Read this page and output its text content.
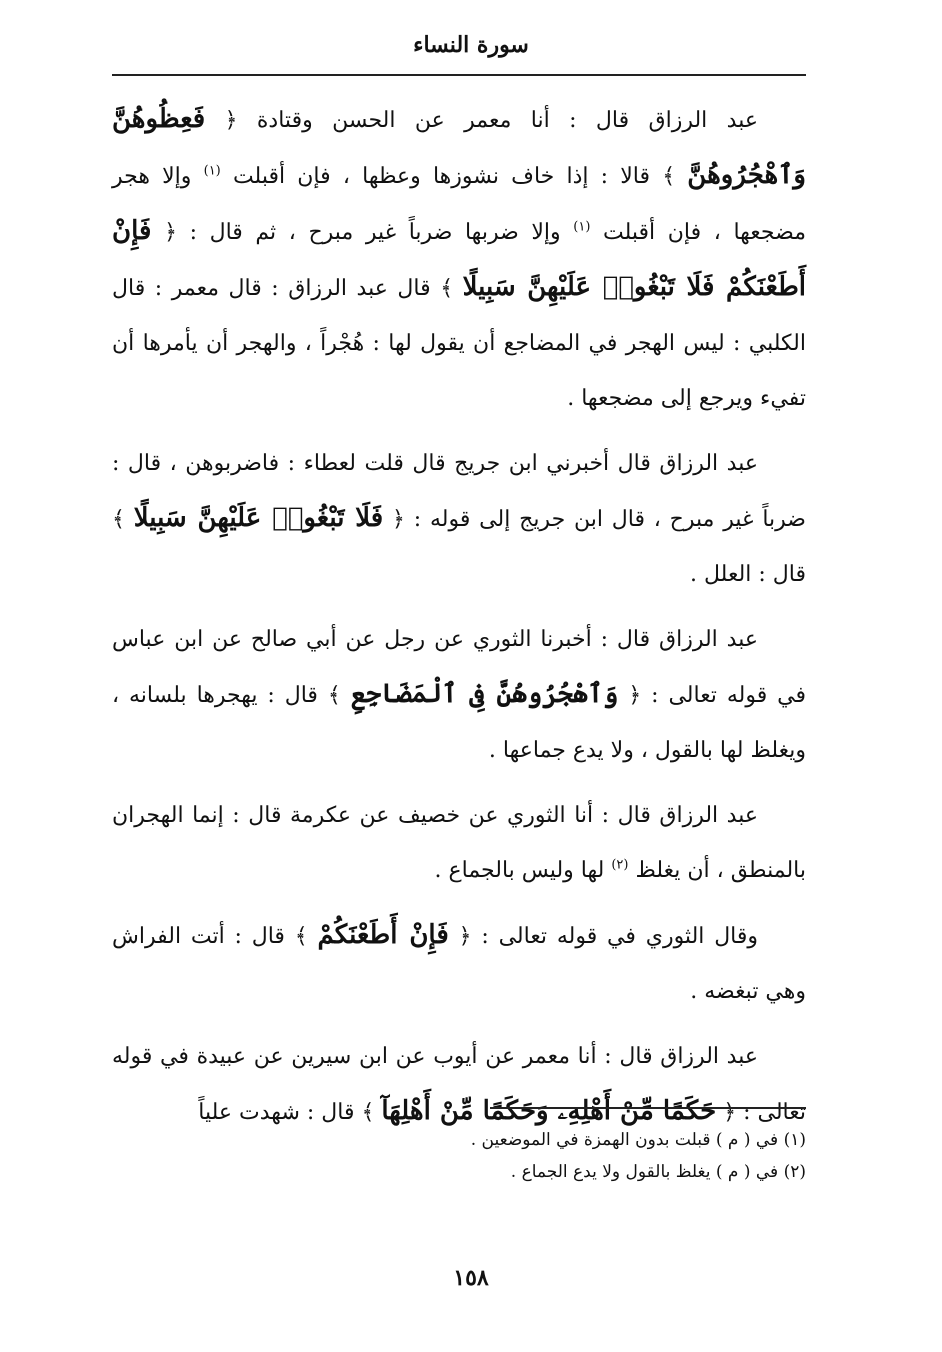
سورة النساء

عبد الرزاق قال : أنا معمر عن الحسن وقتادة ﴿ فَعِظُوهُنَّ وَٱهْجُرُوهُنَّ ﴾ قالا : إذا خاف نشوزها وعظها ، فإن أقبلت $^{(١)}$ وإلا هجر مضجعها ، فإن أقبلت $^{(١)}$ وإلا ضربها ضرباً غير مبرح ، ثم قال : ﴿ فَإِنْ أَطَعْنَكُمْ فَلَا تَبْغُوا۟ عَلَيْهِنَّ سَبِيلًا ﴾ قال عبد الرزاق : قال معمر : قال الكلبي : ليس الهجر في المضاجع أن يقول لها : هُجْراً ، والهجر أن يأمرها أن تفيء ويرجع إلى مضجعها .

عبد الرزاق قال أخبرني ابن جريج قال قلت لعطاء : فاضربوهن ، قال : ضرباً غير مبرح ، قال ابن جريج إلى قوله : ﴿ فَلَا تَبْغُوا۟ عَلَيْهِنَّ سَبِيلًا ﴾ قال : العلل .

عبد الرزاق قال : أخبرنا الثوري عن رجل عن أبي صالح عن ابن عباس في قوله تعالى : ﴿ وَٱهْجُرُوهُنَّ فِى ٱلْمَضَاجِعِ ﴾ قال : يهجرها بلسانه ، ويغلظ لها بالقول ، ولا يدع جماعها .

عبد الرزاق قال : أنا الثوري عن خصيف عن عكرمة قال : إنما الهجران بالمنطق ، أن يغلظ $^{(٢)}$ لها وليس بالجماع .

وقال الثوري في قوله تعالى : ﴿ فَإِنْ أَطَعْنَكُمْ ﴾ قال : أتت الفراش وهي تبغضه .

عبد الرزاق قال : أنا معمر عن أيوب عن ابن سيرين عن عبيدة في قوله تعالى : ﴿ حَكَمًا مِّنْ أَهْلِهِۦ وَحَكَمًا مِّنْ أَهْلِهَآ ﴾ قال : شهدت علياً

(١) في ( م ) قبلت بدون الهمزة في الموضعين .

(٢) في ( م ) يغلظ بالقول ولا يدع الجماع .

١٥٨
